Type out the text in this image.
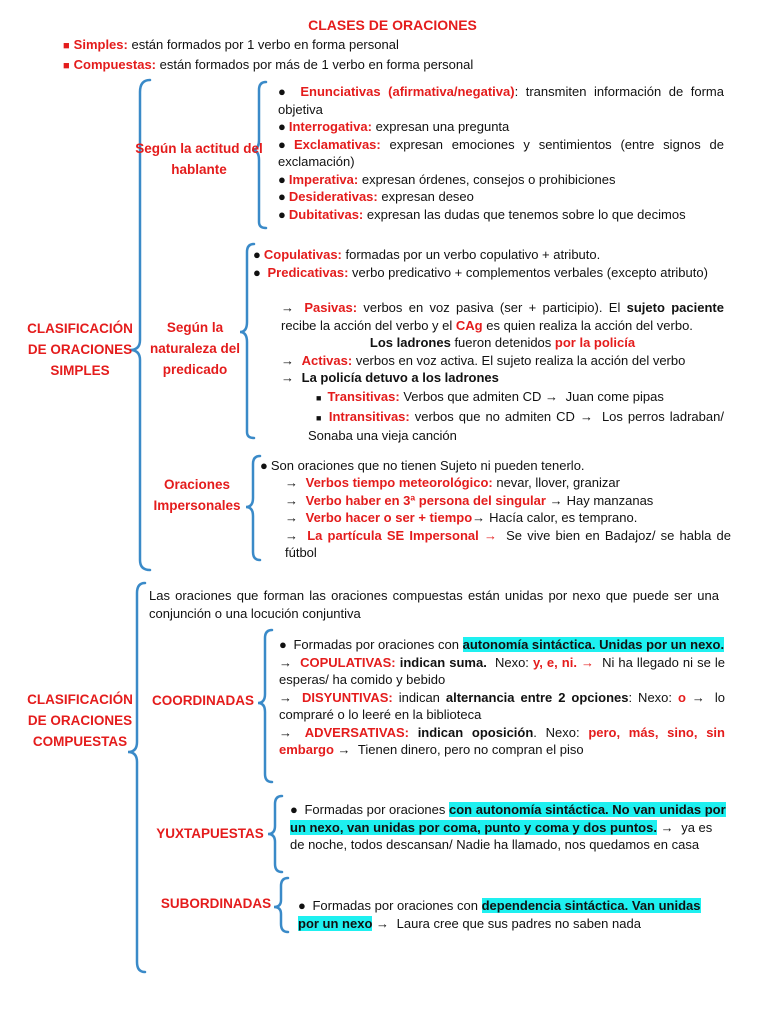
CLASES DE ORACIONES

■ Simples: están formados por 1 verbo en forma personal

■ Compuestas: están formados por más de 1 verbo en forma personal

CLASIFICACIÓN DE ORACIONES SIMPLES
CLASIFICACIÓN DE ORACIONES COMPUESTAS
Según la actitud del hablante
Según la naturaleza del predicado
Oraciones Impersonales
COORDINADAS
YUXTAPUESTAS
SUBORDINADAS

● Enunciativas (afirmativa/negativa): transmiten información de forma objetiva

● Interrogativa: expresan una pregunta

● Exclamativas: expresan emociones y sentimientos (entre signos de exclamación)

● Imperativa: expresan órdenes, consejos o prohibiciones

● Desiderativas: expresan deseo

● Dubitativas: expresan las dudas que tenemos sobre lo que decimos

● Copulativas: formadas por un verbo copulativo + atributo.

● Predicativas: verbo predicativo + complementos verbales (excepto atributo)

→ Pasivas: verbos en voz pasiva (ser + participio). El sujeto paciente recibe la acción del verbo y el CAg es quien realiza la acción del verbo.

Los ladrones fueron detenidos por la policía

→ Activas: verbos en voz activa. El sujeto realiza la acción del verbo

→ La policía detuvo a los ladrones

■ Transitivas: Verbos que admiten CD → Juan come pipas

■ Intransitivas: verbos que no admiten CD → Los perros ladraban/ Sonaba una vieja canción

● Son oraciones que no tienen Sujeto ni pueden tenerlo.

→ Verbos tiempo meteorológico: nevar, llover, granizar

→ Verbo haber en 3ª persona del singular → Hay manzanas

→ Verbo hacer o ser + tiempo→ Hacía calor, es temprano.

→ La partícula SE Impersonal → Se vive bien en Badajoz/ se habla de fútbol

Las oraciones que forman las oraciones compuestas están unidas por nexo que puede ser una conjunción o una locución conjuntiva

● Formadas por oraciones con autonomía sintáctica. Unidas por un nexo.

→ COPULATIVAS: indican suma. Nexo: y, e, ni. → Ni ha llegado ni se le esperas/ ha comido y bebido

→ DISYUNTIVAS: indican alternancia entre 2 opciones: Nexo: o → lo compraré o lo leeré en la biblioteca

→ ADVERSATIVAS: indican oposición. Nexo: pero, más, sino, sin embargo → Tienen dinero, pero no compran el piso

● Formadas por oraciones con autonomía sintáctica. No van unidas por un nexo, van unidas por coma, punto y coma y dos puntos. → ya es de noche, todos descansan/ Nadie ha llamado, nos quedamos en casa

● Formadas por oraciones con dependencia sintáctica. Van unidas por un nexo → Laura cree que sus padres no saben nada
